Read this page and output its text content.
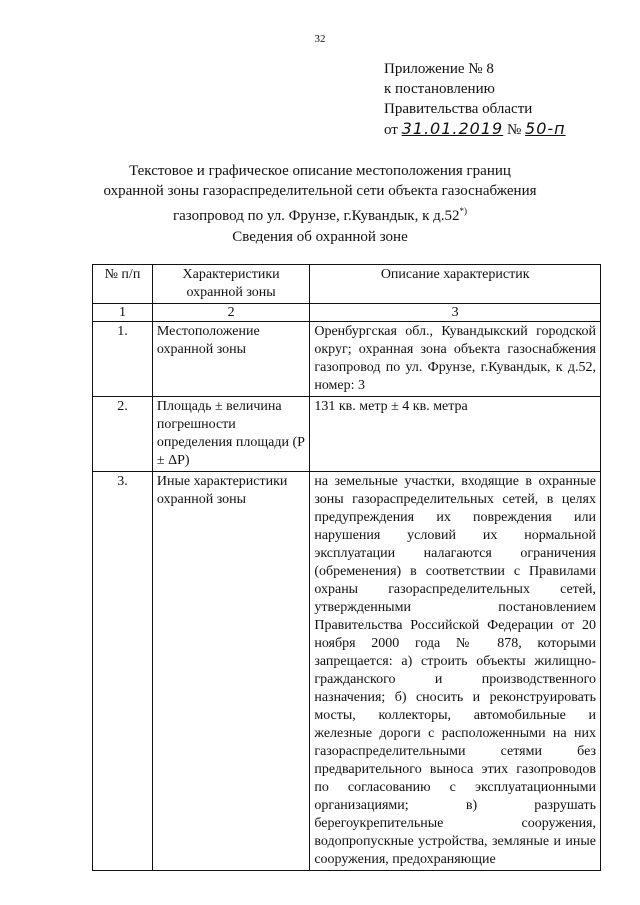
32
Приложение № 8
к постановлению
Правительства области
от 31.01.2019 № 50-п
Текстовое и графическое описание местоположения границ
охранной зоны газораспределительной сети объекта газоснабжения
газопровод по ул. Фрунзе, г.Кувандык, к д.52*)
Сведения об охранной зоне
№ п/п	Характеристики охранной зоны	Описание характеристик
1	2	3
1.	Местоположение охранной зоны	Оренбургская обл., Кувандыкский городской округ; охранная зона объекта газоснабжения газопровод по ул. Фрунзе, г.Кувандык, к д.52, номер: 3
2.	Площадь ± величина погрешности определения площади (P ± ΔP)	131 кв. метр ± 4 кв. метра
3.	Иные характеристики охранной зоны	на земельные участки, входящие в охранные зоны газораспределительных сетей, в целях предупреждения их повреждения или нарушения условий их нормальной эксплуатации налагаются ограничения (обременения) в соответствии с Правилами охраны газораспределительных сетей, утвержденными постановлением Правительства Российской Федерации от 20 ноября 2000 года № 878, которыми запрещается: а) строить объекты жилищно-гражданского и производственного назначения; б) сносить и реконструировать мосты, коллекторы, автомобильные и железные дороги с расположенными на них газораспределительными сетями без предварительного выноса этих газопроводов по согласованию с эксплуатационными организациями; в) разрушать берегоукрепительные сооружения, водопропускные устройства, земляные и иные сооружения, предохраняющие
